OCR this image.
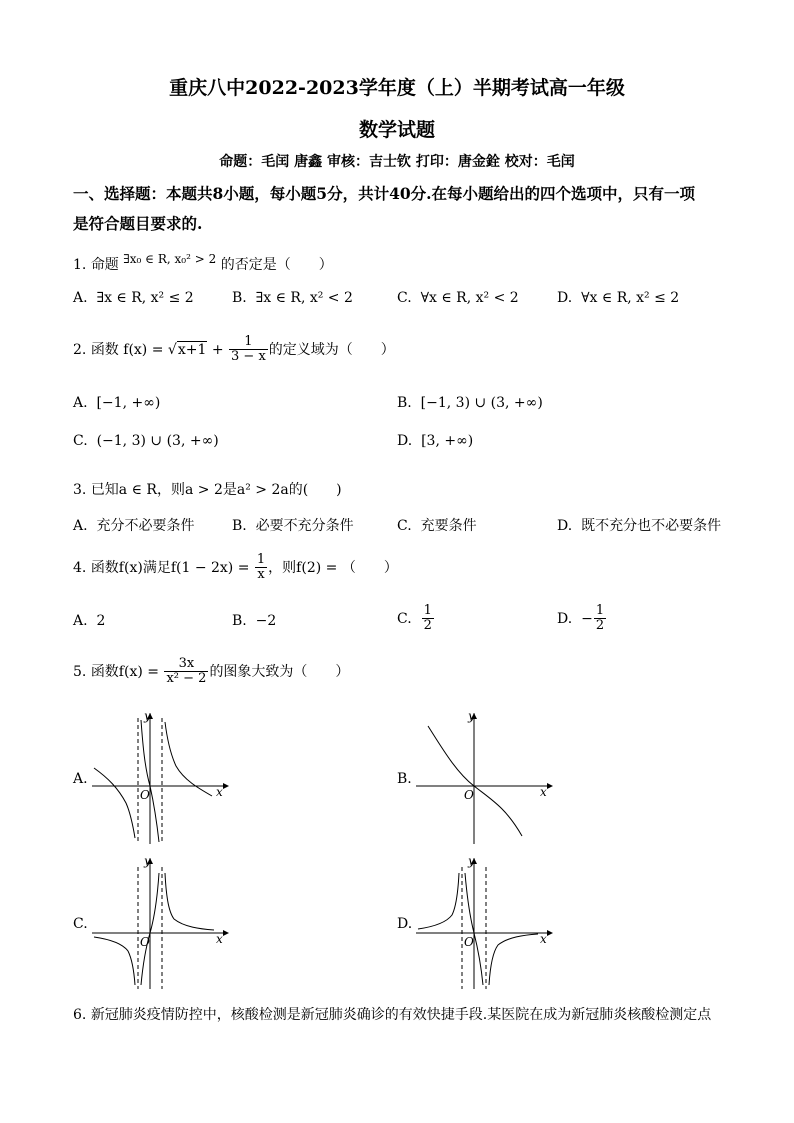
重庆八中2022-2023学年度（上）半期考试高一年级
数学试题
命题：毛闰 唐鑫 审核：吉士钦 打印：唐金銓 校对：毛闰
一、选择题：本题共8小题，每小题5分，共计40分.在每小题给出的四个选项中，只有一项
是符合题目要求的.
1. 命题 ∃x₀ ∈ R, x₀² > 2 的否定是（　　）
A. ∃x ∈ R, x² ≤ 2	B. ∃x ∈ R, x² < 2	C. ∀x ∈ R, x² < 2	D. ∀x ∈ R, x² ≤ 2
2. 函数 $f(x) = √x+1 + \frac{1}{3 - x}$ 的定义域为（　　）
A. [−1, +∞)	B. [−1, 3) ∪ (3, +∞)
C. (−1, 3) ∪ (3, +∞)	D. [3, +∞)
3. 已知a ∈ R，则a > 2是a² > 2a的(　　)
A. 充分不必要条件	B. 必要不充分条件	C. 充要条件	D. 既不充分也不必要条件
4. 函数f(x)满足$f(1 - 2x) = \frac{1}{x}$ ，则f(2) = （　　）
A. 2	B. −2	C. $\frac{1}{2}$	D. − $\frac{1}{2}$
5. 函数$f(x) = \frac{3x}{\text{x² − 2}}$ 的图象大致为（　　）
A.
O	x
y
B.
O	x
y
C.
O	x
y
D.
O	x
y
6. 新冠肺炎疫情防控中，核酸检测是新冠肺炎确诊的有效快捷手段.某医院在成为新冠肺炎核酸检测定点
